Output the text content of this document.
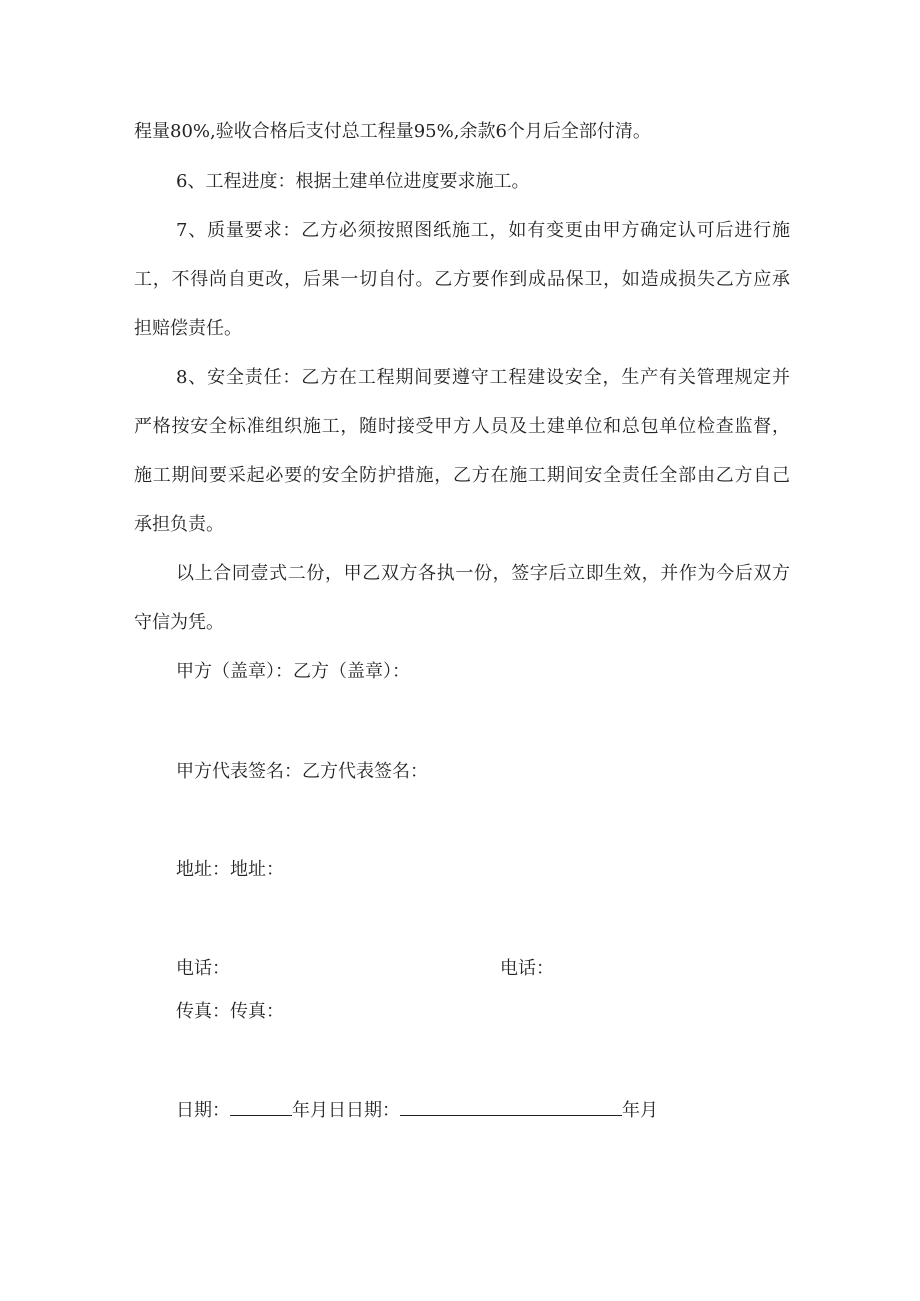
程量80%,验收合格后支付总工程量95%,余款6个月后全部付清。
6、工程进度：根据土建单位进度要求施工。
7、质量要求：乙方必须按照图纸施工，如有变更由甲方确定认可后进行施
工，不得尚自更改，后果一切自付。乙方要作到成品保卫，如造成损失乙方应承
担赔偿责任。
8、安全责任：乙方在工程期间要遵守工程建设安全，生产有关管理规定并
严格按安全标准组织施工，随时接受甲方人员及土建单位和总包单位检查监督，
施工期间要采起必要的安全防护措施，乙方在施工期间安全责任全部由乙方自己
承担负责。
以上合同壹式二份，甲乙双方各执一份，签字后立即生效，并作为今后双方
守信为凭。
甲方（盖章）：乙方（盖章）：
甲方代表签名：乙方代表签名：
地址：地址：
电话：	电话：
传真：传真：
日期：	年月日日期：	年月
